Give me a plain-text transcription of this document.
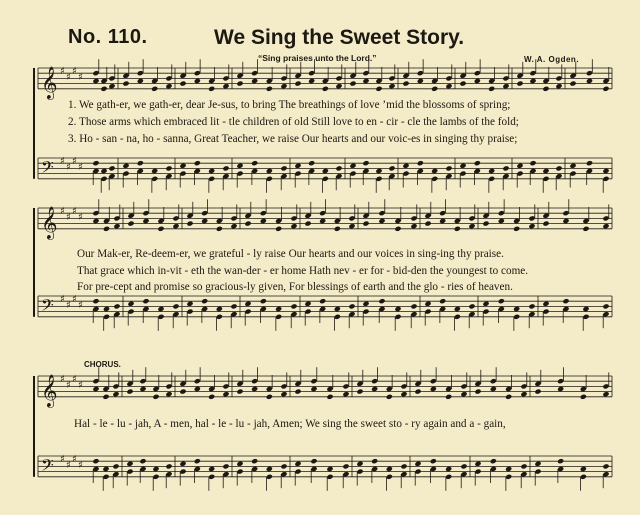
No. 110.	We Sing the Sweet Story.
“Sing praises unto the Lord.”	W. A. Ogden.
𝄞 ♯
♯
♯
♯
𝄢 ♯
♯
♯
♯
𝄞 ♯
♯
♯
♯
𝄢 ♯
♯
♯
♯
𝄞 ♯
♯
♯
♯
𝄢 ♯
♯
♯
♯
1. We gath-er, we gath-er, dear Je-sus, to bring The breathings of love ’mid the blossoms of spring;
2. Those arms which embraced lit - tle children of old Still love to en - cir - cle the lambs of the fold;
3. Ho - san - na, ho - sanna, Great Teacher, we raise Our hearts and our voic-es in singing thy praise;
Our Mak-er, Re-deem-er, we grateful - ly raise Our hearts and our voices in sing-ing thy praise.
That grace which in-vit - eth the wan-der - er home Hath nev - er for - bid-den the youngest to come.
For pre-cept and promise so gracious-ly given, For blessings of earth and the glo - ries of heaven.
CHORUS.
Hal - le - lu - jah, A - men, hal - le - lu - jah, Amen; We sing the sweet sto - ry again and a - gain,
